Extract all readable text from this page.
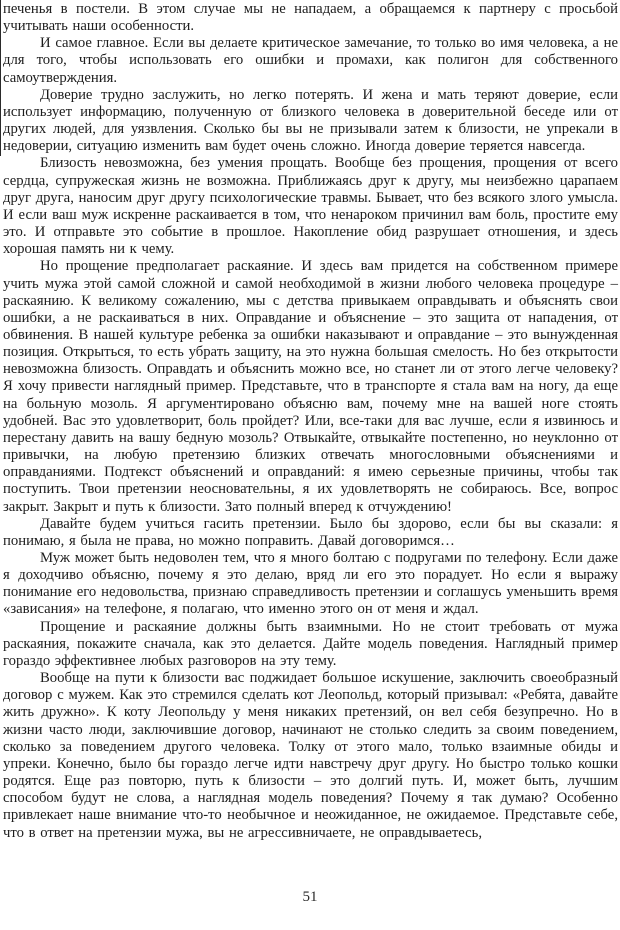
печенья в постели. В этом случае мы не нападаем, а обращаемся к партнеру с просьбой учитывать наши особенности.

И самое главное. Если вы делаете критическое замечание, то только во имя человека, а не для того, чтобы использовать его ошибки и промахи, как полигон для собственного самоутверждения.

Доверие трудно заслужить, но легко потерять. И жена и мать теряют доверие, если использует информацию, полученную от близкого человека в доверительной беседе или от других людей, для уязвления. Сколько бы вы не призывали затем к близости, не упрекали в недоверии, ситуацию изменить вам будет очень сложно. Иногда доверие теряется навсегда.

Близость невозможна, без умения прощать. Вообще без прощения, прощения от всего сердца, супружеская жизнь не возможна. Приближаясь друг к другу, мы неизбежно царапаем друг друга, наносим друг другу психологические травмы. Бывает, что без всякого злого умысла. И если ваш муж искренне раскаивается в том, что ненароком причинил вам боль, простите ему это. И отправьте это событие в прошлое. Накопление обид разрушает отношения, и здесь хорошая память ни к чему.

Но прощение предполагает раскаяние. И здесь вам придется на собственном примере учить мужа этой самой сложной и самой необходимой в жизни любого человека процедуре – раскаянию. К великому сожалению, мы с детства привыкаем оправдывать и объяснять свои ошибки, а не раскаиваться в них. Оправдание и объяснение – это защита от нападения, от обвинения. В нашей культуре ребенка за ошибки наказывают и оправдание – это вынужденная позиция. Открыться, то есть убрать защиту, на это нужна большая смелость. Но без открытости невозможна близость. Оправдать и объяснить можно все, но станет ли от этого легче человеку? Я хочу привести наглядный пример. Представьте, что в транспорте я стала вам на ногу, да еще на больную мозоль. Я аргументировано объясню вам, почему мне на вашей ноге стоять удобней. Вас это удовлетворит, боль пройдет? Или, все-таки для вас лучше, если я извинюсь и перестану давить на вашу бедную мозоль? Отвыкайте, отвыкайте постепенно, но неуклонно от привычки, на любую претензию близких отвечать многословными объяснениями и оправданиями. Подтекст объяснений и оправданий: я имею серьезные причины, чтобы так поступить. Твои претензии неосновательны, я их удовлетворять не собираюсь. Все, вопрос закрыт. Закрыт и путь к близости. Зато полный вперед к отчуждению!

Давайте будем учиться гасить претензии. Было бы здорово, если бы вы сказали: я понимаю, я была не права, но можно поправить. Давай договоримся…

Муж может быть недоволен тем, что я много болтаю с подругами по телефону. Если даже я доходчиво объясню, почему я это делаю, вряд ли его это порадует. Но если я выражу понимание его недовольства, признаю справедливость претензии и соглашусь уменьшить время «зависания» на телефоне, я полагаю, что именно этого он от меня и ждал.

Прощение и раскаяние должны быть взаимными. Но не стоит требовать от мужа раскаяния, покажите сначала, как это делается. Дайте модель поведения. Наглядный пример гораздо эффективнее любых разговоров на эту тему.

Вообще на пути к близости вас поджидает большое искушение, заключить своеобразный договор с мужем. Как это стремился сделать кот Леопольд, который призывал: «Ребята, давайте жить дружно». К коту Леопольду у меня никаких претензий, он вел себя безупречно. Но в жизни часто люди, заключившие договор, начинают не столько следить за своим поведением, сколько за поведением другого человека. Толку от этого мало, только взаимные обиды и упреки. Конечно, было бы гораздо легче идти навстречу друг другу. Но быстро только кошки родятся. Еще раз повторю, путь к близости – это долгий путь. И, может быть, лучшим способом будут не слова, а наглядная модель поведения? Почему я так думаю? Особенно привлекает наше внимание что-то необычное и неожиданное, не ожидаемое. Представьте себе, что в ответ на претензии мужа, вы не агрессивничаете, не оправдываетесь,

51
